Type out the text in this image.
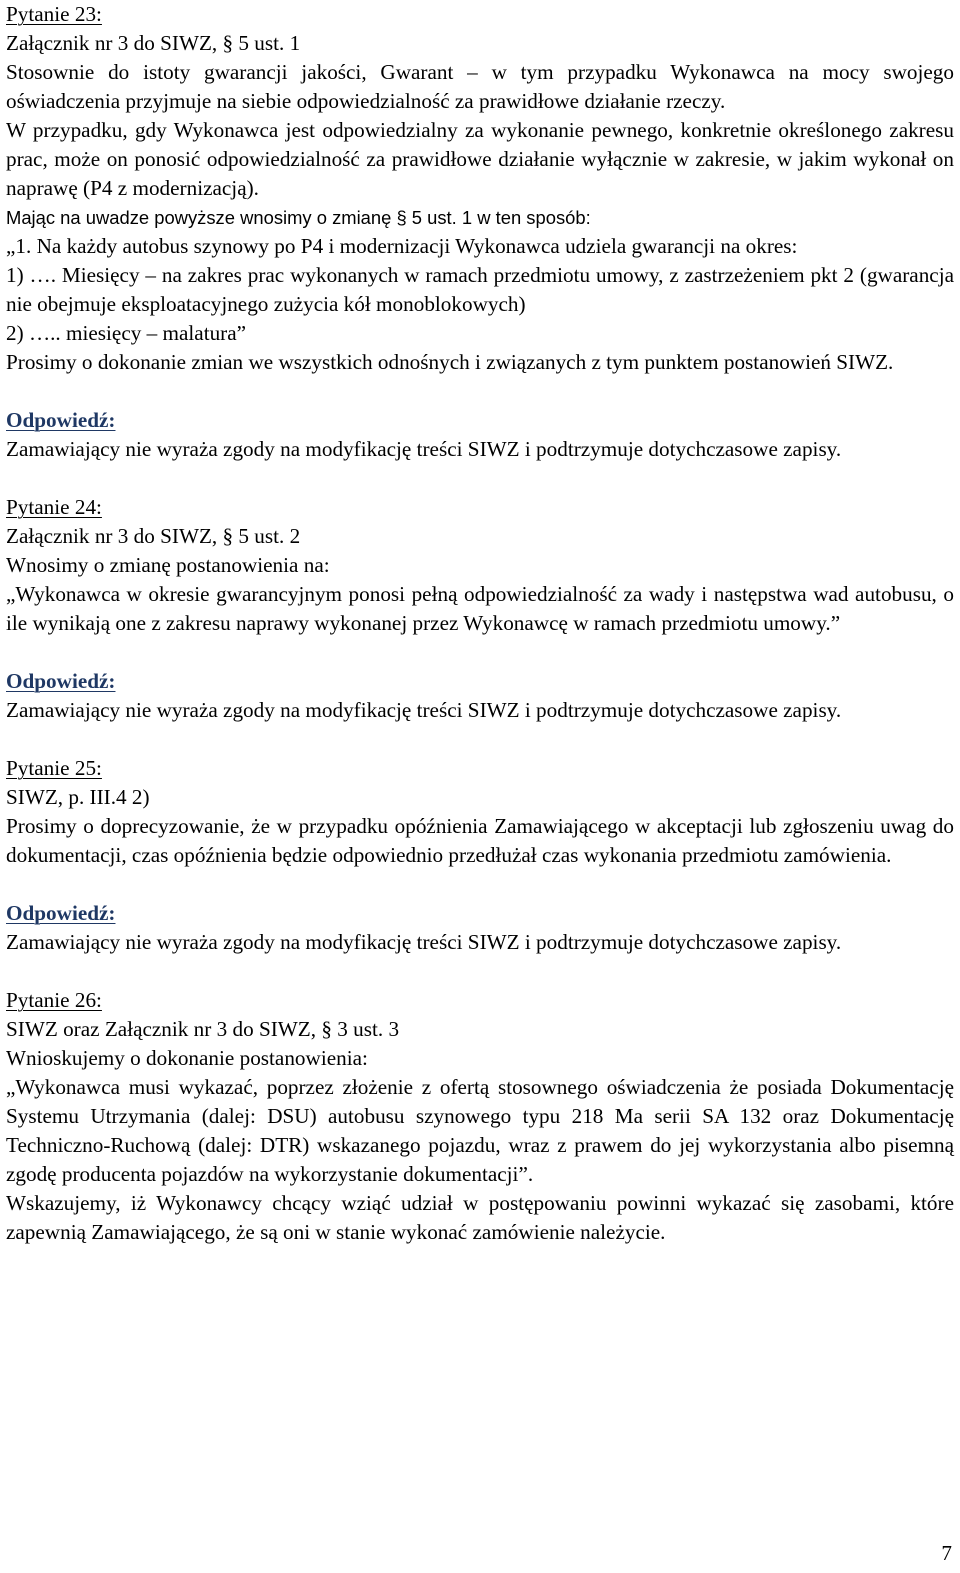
Pytanie 23:

Załącznik nr 3 do SIWZ, § 5 ust. 1

Stosownie do istoty gwarancji jakości, Gwarant – w tym przypadku Wykonawca na mocy swojego oświadczenia przyjmuje na siebie odpowiedzialność za prawidłowe działanie rzeczy.

W przypadku, gdy Wykonawca jest odpowiedzialny za wykonanie pewnego, konkretnie określonego zakresu prac, może on ponosić odpowiedzialność za prawidłowe działanie wyłącznie w zakresie, w jakim wykonał on naprawę (P4 z modernizacją).

Mając na uwadze powyższe wnosimy o zmianę § 5 ust. 1 w ten sposób:

„1. Na każdy autobus szynowy po P4 i modernizacji Wykonawca udziela gwarancji na okres:

1) …. Miesięcy – na zakres prac wykonanych w ramach przedmiotu umowy, z zastrzeżeniem pkt 2 (gwarancja nie obejmuje eksploatacyjnego zużycia kół monoblokowych)

2) ….. miesięcy – malatura”

Prosimy o dokonanie zmian we wszystkich odnośnych i związanych z tym punktem postanowień SIWZ.

Odpowiedź:

Zamawiający nie wyraża zgody na modyfikację treści SIWZ i podtrzymuje dotychczasowe zapisy.

Pytanie 24:

Załącznik nr 3 do SIWZ, § 5 ust. 2

Wnosimy o zmianę postanowienia na:

„Wykonawca w okresie gwarancyjnym ponosi pełną odpowiedzialność za wady i następstwa wad autobusu, o ile wynikają one z zakresu naprawy wykonanej przez Wykonawcę w ramach przedmiotu umowy.”

Odpowiedź:

Zamawiający nie wyraża zgody na modyfikację treści SIWZ i podtrzymuje dotychczasowe zapisy.

Pytanie 25:

SIWZ, p. III.4 2)

Prosimy o doprecyzowanie, że w przypadku opóźnienia Zamawiającego w akceptacji lub zgłoszeniu uwag do dokumentacji, czas opóźnienia będzie odpowiednio przedłużał czas wykonania przedmiotu zamówienia.

Odpowiedź:

Zamawiający nie wyraża zgody na modyfikację treści SIWZ i podtrzymuje dotychczasowe zapisy.

Pytanie 26:

SIWZ oraz Załącznik nr 3 do SIWZ, § 3 ust. 3

Wnioskujemy o dokonanie postanowienia:

„Wykonawca musi wykazać, poprzez złożenie z ofertą stosownego oświadczenia że posiada Dokumentację Systemu Utrzymania (dalej: DSU) autobusu szynowego typu 218 Ma serii SA 132 oraz Dokumentację Techniczno-Ruchową (dalej: DTR) wskazanego pojazdu, wraz z prawem do jej wykorzystania albo pisemną zgodę producenta pojazdów na wykorzystanie dokumentacji”.

Wskazujemy, iż Wykonawcy chcący wziąć udział w postępowaniu powinni wykazać się zasobami, które zapewnią Zamawiającego, że są oni w stanie wykonać zamówienie należycie.

7
